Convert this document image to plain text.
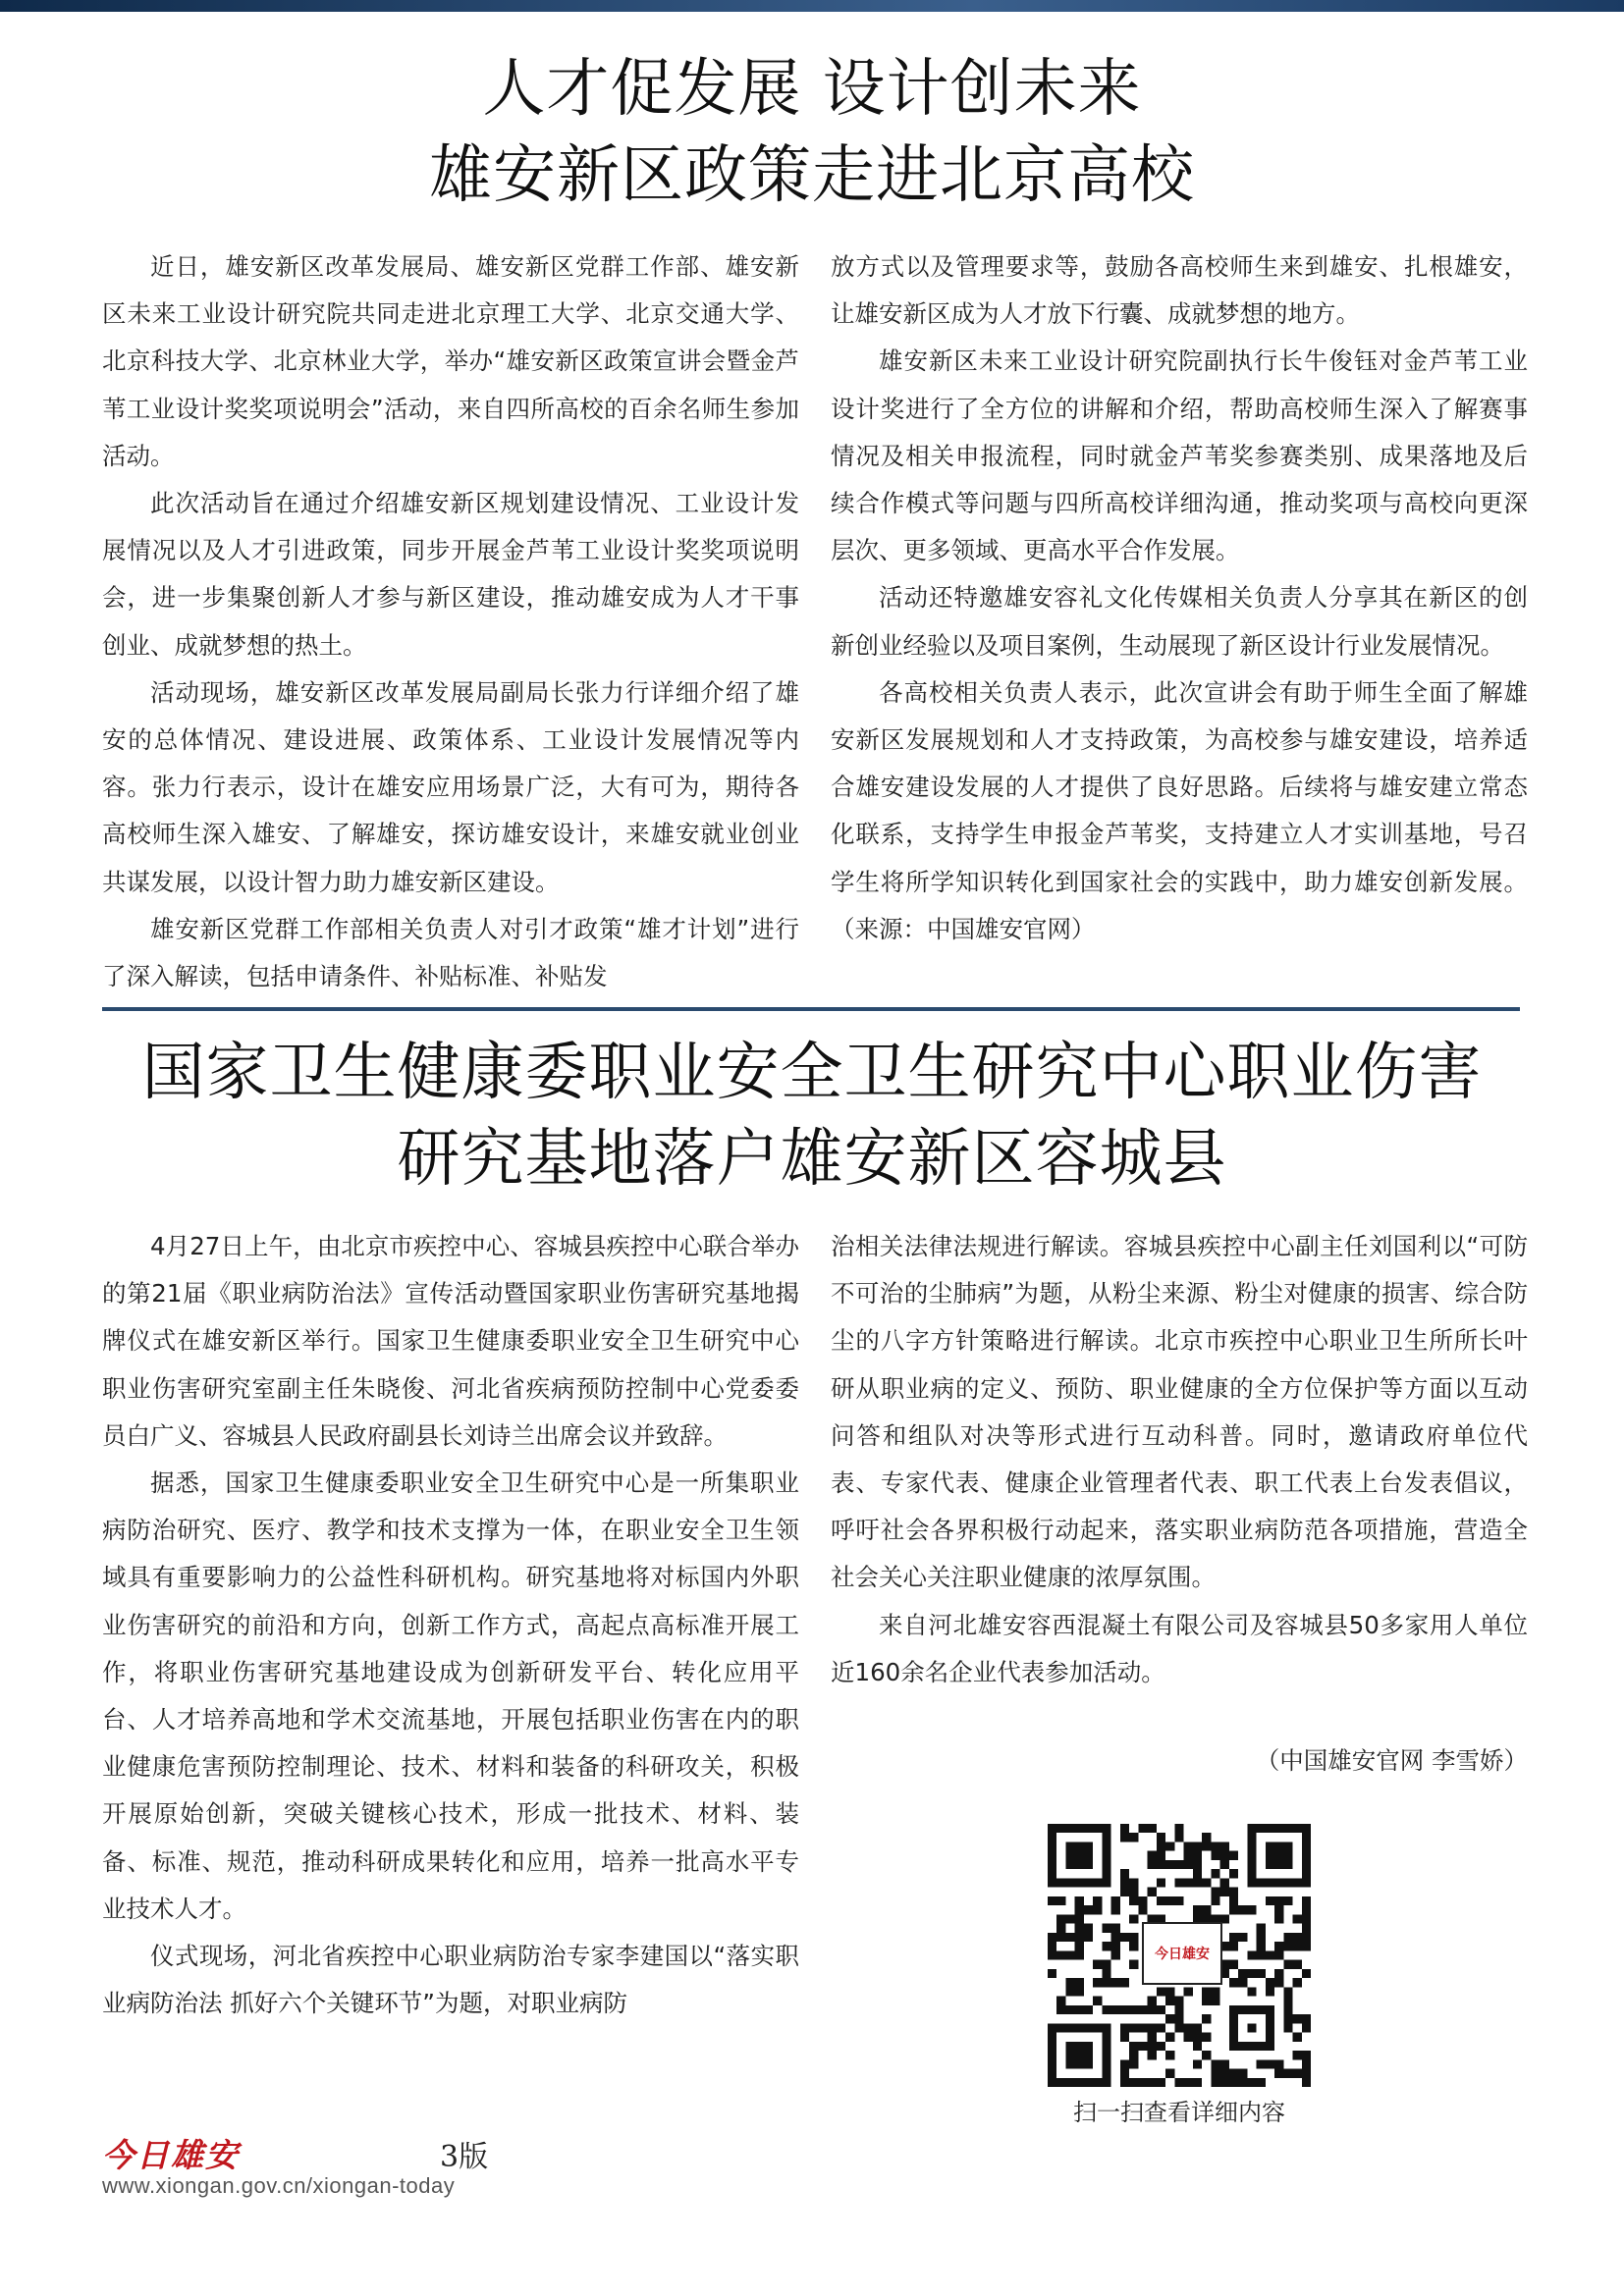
人才促发展 设计创未来
雄安新区政策走进北京高校

近日，雄安新区改革发展局、雄安新区党群工作部、雄安新区未来工业设计研究院共同走进北京理工大学、北京交通大学、北京科技大学、北京林业大学，举办“雄安新区政策宣讲会暨金芦苇工业设计奖奖项说明会”活动，来自四所高校的百余名师生参加活动。

此次活动旨在通过介绍雄安新区规划建设情况、工业设计发展情况以及人才引进政策，同步开展金芦苇工业设计奖奖项说明会，进一步集聚创新人才参与新区建设，推动雄安成为人才干事创业、成就梦想的热土。

活动现场，雄安新区改革发展局副局长张力行详细介绍了雄安的总体情况、建设进展、政策体系、工业设计发展情况等内容。张力行表示，设计在雄安应用场景广泛，大有可为，期待各高校师生深入雄安、了解雄安，探访雄安设计，来雄安就业创业共谋发展，以设计智力助力雄安新区建设。

雄安新区党群工作部相关负责人对引才政策“雄才计划”进行了深入解读，包括申请条件、补贴标准、补贴发

放方式以及管理要求等，鼓励各高校师生来到雄安、扎根雄安，让雄安新区成为人才放下行囊、成就梦想的地方。

雄安新区未来工业设计研究院副执行长牛俊钰对金芦苇工业设计奖进行了全方位的讲解和介绍，帮助高校师生深入了解赛事情况及相关申报流程，同时就金芦苇奖参赛类别、成果落地及后续合作模式等问题与四所高校详细沟通，推动奖项与高校向更深层次、更多领域、更高水平合作发展。

活动还特邀雄安容礼文化传媒相关负责人分享其在新区的创新创业经验以及项目案例，生动展现了新区设计行业发展情况。

各高校相关负责人表示，此次宣讲会有助于师生全面了解雄安新区发展规划和人才支持政策，为高校参与雄安建设，培养适合雄安建设发展的人才提供了良好思路。后续将与雄安建立常态化联系，支持学生申报金芦苇奖，支持建立人才实训基地，号召学生将所学知识转化到国家社会的实践中，助力雄安创新发展。（来源：中国雄安官网）

国家卫生健康委职业安全卫生研究中心职业伤害
研究基地落户雄安新区容城县

4月27日上午，由北京市疾控中心、容城县疾控中心联合举办的第21届《职业病防治法》宣传活动暨国家职业伤害研究基地揭牌仪式在雄安新区举行。国家卫生健康委职业安全卫生研究中心职业伤害研究室副主任朱晓俊、河北省疾病预防控制中心党委委员白广义、容城县人民政府副县长刘诗兰出席会议并致辞。

据悉，国家卫生健康委职业安全卫生研究中心是一所集职业病防治研究、医疗、教学和技术支撑为一体，在职业安全卫生领域具有重要影响力的公益性科研机构。研究基地将对标国内外职业伤害研究的前沿和方向，创新工作方式，高起点高标准开展工作，将职业伤害研究基地建设成为创新研发平台、转化应用平台、人才培养高地和学术交流基地，开展包括职业伤害在内的职业健康危害预防控制理论、技术、材料和装备的科研攻关，积极开展原始创新，突破关键核心技术，形成一批技术、材料、装备、标准、规范，推动科研成果转化和应用，培养一批高水平专业技术人才。

仪式现场，河北省疾控中心职业病防治专家李建国以“落实职业病防治法 抓好六个关键环节”为题，对职业病防

治相关法律法规进行解读。容城县疾控中心副主任刘国利以“可防不可治的尘肺病”为题，从粉尘来源、粉尘对健康的损害、综合防尘的八字方针策略进行解读。北京市疾控中心职业卫生所所长叶研从职业病的定义、预防、职业健康的全方位保护等方面以互动问答和组队对决等形式进行互动科普。同时，邀请政府单位代表、专家代表、健康企业管理者代表、职工代表上台发表倡议，呼吁社会各界积极行动起来，落实职业病防范各项措施，营造全社会关心关注职业健康的浓厚氛围。

来自河北雄安容西混凝土有限公司及容城县50多家用人单位近160余名企业代表参加活动。

（中国雄安官网 李雪娇）
今日雄安
扫一扫查看详细内容
今日雄安	3版
www.xiongan.gov.cn/xiongan-today
